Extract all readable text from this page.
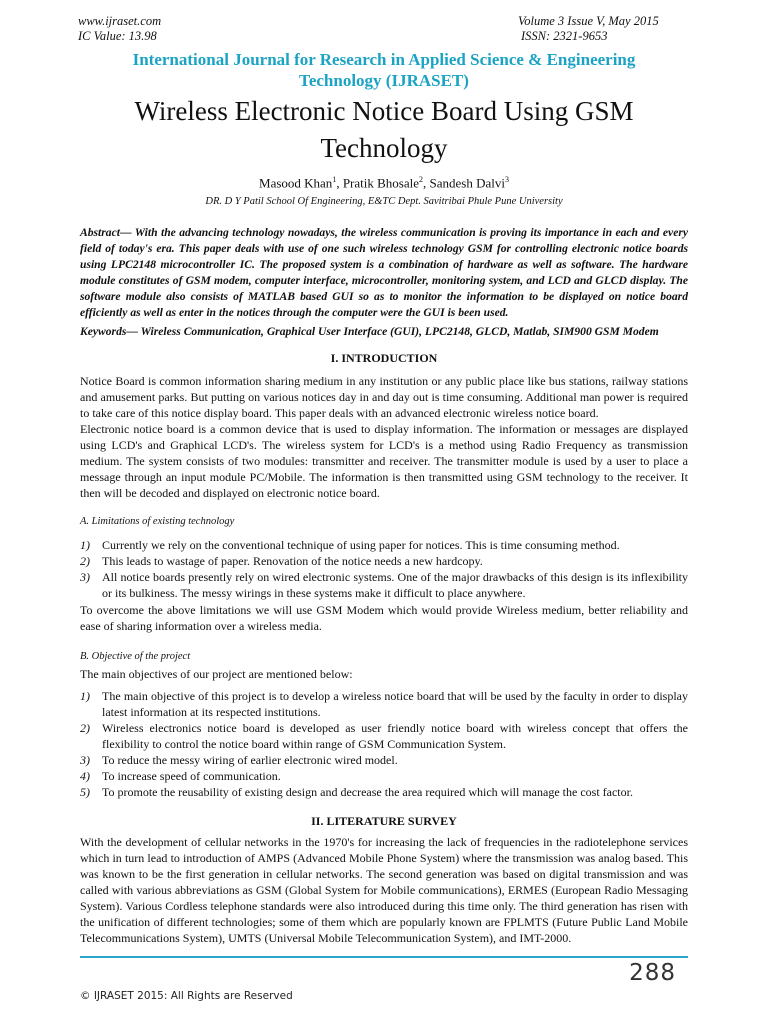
www.ijraset.com
IC Value: 13.98
Volume 3 Issue V, May 2015
ISSN: 2321-9653
International Journal for Research in Applied Science & Engineering
Technology (IJRASET)
Wireless Electronic Notice Board Using GSM
Technology
Masood Khan$^1$, Pratik Bhosale$^2$, Sandesh Dalvi$^3$
DR. D Y Patil School Of Engineering, E&TC Dept. Savitribai Phule Pune University
Abstract— With the advancing technology nowadays, the wireless communication is proving its importance in each and every field of today's era. This paper deals with use of one such wireless technology GSM for controlling electronic notice boards using LPC2148 microcontroller IC. The proposed system is a combination of hardware as well as software. The hardware module constitutes of GSM modem, computer interface, microcontroller, monitoring system, and LCD and GLCD display. The software module also consists of MATLAB based GUI so as to monitor the information to be displayed on notice board efficiently as well as enter in the notices through the computer were the GUI is been used.
Keywords— Wireless Communication, Graphical User Interface (GUI), LPC2148, GLCD, Matlab, SIM900 GSM Modem
I. INTRODUCTION
Notice Board is common information sharing medium in any institution or any public place like bus stations, railway stations and amusement parks. But putting on various notices day in and day out is time consuming. Additional man power is required to take care of this notice display board. This paper deals with an advanced electronic wireless notice board.
Electronic notice board is a common device that is used to display information. The information or messages are displayed using LCD's and Graphical LCD's. The wireless system for LCD's is a method using Radio Frequency as transmission medium. The system consists of two modules: transmitter and receiver. The transmitter module is used by a user to place a message through an input module PC/Mobile. The information is then transmitted using GSM technology to the receiver. It then will be decoded and displayed on electronic notice board.
A. Limitations of existing technology
1) Currently we rely on the conventional technique of using paper for notices. This is time consuming method.
2) This leads to wastage of paper. Renovation of the notice needs a new hardcopy.
3) All notice boards presently rely on wired electronic systems. One of the major drawbacks of this design is its inflexibility or its bulkiness. The messy wirings in these systems make it difficult to place anywhere.
To overcome the above limitations we will use GSM Modem which would provide Wireless medium, better reliability and ease of sharing information over a wireless media.
B. Objective of the project
The main objectives of our project are mentioned below:
1) The main objective of this project is to develop a wireless notice board that will be used by the faculty in order to display latest information at its respected institutions.
2) Wireless electronics notice board is developed as user friendly notice board with wireless concept that offers the flexibility to control the notice board within range of GSM Communication System.
3) To reduce the messy wiring of earlier electronic wired model.
4) To increase speed of communication.
5) To promote the reusability of existing design and decrease the area required which will manage the cost factor.
II. LITERATURE SURVEY
With the development of cellular networks in the 1970's for increasing the lack of frequencies in the radiotelephone services which in turn lead to introduction of AMPS (Advanced Mobile Phone System) where the transmission was analog based. This was known to be the first generation in cellular networks. The second generation was based on digital transmission and was called with various abbreviations as GSM (Global System for Mobile communications), ERMES (European Radio Messaging System). Various Cordless telephone standards were also introduced during this time only. The third generation has risen with the unification of different technologies; some of them which are popularly known are FPLMTS (Future Public Land Mobile Telecommunications System), UMTS (Universal Mobile Telecommunication System), and IMT-2000.
288
© IJRASET 2015: All Rights are Reserved
